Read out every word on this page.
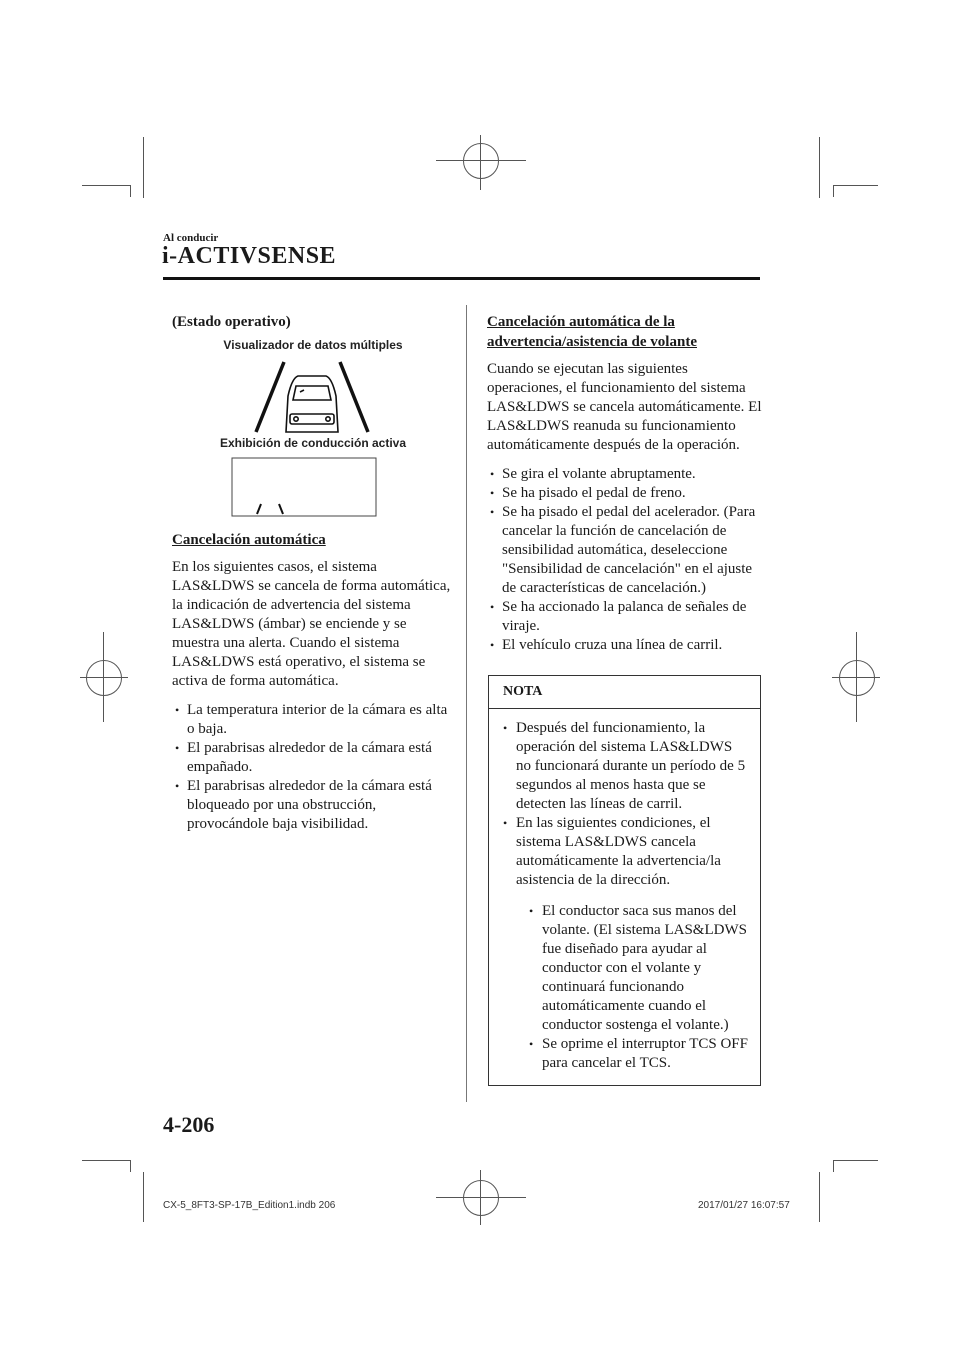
Al conducir
i-ACTIVSENSE
(Estado operativo)
Visualizador de datos múltiples
Exhibición de conducción activa
Cancelación automática

En los siguientes casos, el sistema LAS&LDWS se cancela de forma automática, la indicación de advertencia del sistema LAS&LDWS (ámbar) se enciende y se muestra una alerta. Cuando el sistema LAS&LDWS está operativo, el sistema se activa de forma automática.

• La temperatura interior de la cámara es alta o baja.
• El parabrisas alrededor de la cámara está empañado.
• El parabrisas alrededor de la cámara está bloqueado por una obstrucción, provocándole baja visibilidad.
Cancelación automática de la
advertencia/asistencia de volante

Cuando se ejecutan las siguientes operaciones, el funcionamiento del sistema LAS&LDWS se cancela automáticamente. El LAS&LDWS reanuda su funcionamiento automáticamente después de la operación.

• Se gira el volante abruptamente.
• Se ha pisado el pedal de freno.
• Se ha pisado el pedal del acelerador. (Para cancelar la función de cancelación de sensibilidad automática, deseleccione "Sensibilidad de cancelación" en el ajuste de características de cancelación.)
• Se ha accionado la palanca de señales de viraje.
• El vehículo cruza una línea de carril.
NOTA
• Después del funcionamiento, la operación del sistema LAS&LDWS no funcionará durante un período de 5 segundos al menos hasta que se detecten las líneas de carril.
• En las siguientes condiciones, el sistema LAS&LDWS cancela automáticamente la advertencia/la asistencia de la dirección.
• El conductor saca sus manos del volante. (El sistema LAS&LDWS fue diseñado para ayudar al conductor con el volante y continuará funcionando automáticamente cuando el conductor sostenga el volante.)
• Se oprime el interruptor TCS OFF para cancelar el TCS.
4-206
CX-5_8FT3-SP-17B_Edition1.indb 206	2017/01/27 16:07:57
